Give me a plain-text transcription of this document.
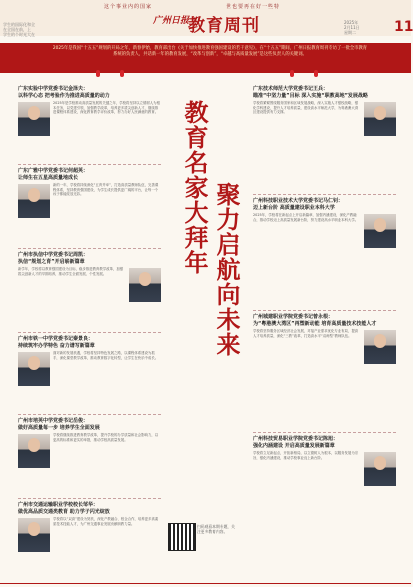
学生的国际化和全
在全国在前，上
学生的个时光大在
这个事业内的国家	世也要再在好一些特
广州日报
教育周刊	2025年
2月11日
星期二	11
2025年是我国“十五五”规划的开局之年，新春伊始，教育部出台《关于加快推进教育强国建设的若干意见》，在“十五五”期间，广州日报教育周刊专访了一批全市教育系统的负责人，共话新一年的教育发展，“改革与创新”，“卓越与高质量发展”是这些负责人的关键词。
广东实验中学党委书记金泽夫：
以科学心态 把考验作为推进高质量的动力

2025年是学校推动高质量发展的关键之年，学校将坚持以立德树人为根本任务，以党建引领，加强教学改革，培养更多拔尖创新人才，继续推进课程体系建设，深化教育教学评价改革，努力办好人民满意的教育。

广东广雅中学党委书记何超英：
让师生在五星高质量地成长

新的一年，学校将持续深化“五育并举”，打造高质量教师队伍，完善课程体系，坚持教育强国建设，为学生成长提供更广阔的平台，让每一个孩子都能绽放光彩。

广州市执信中学党委书记周凯：
执信“规划之育”开启崭新篇章

新学年，学校将以教育强国建设为目标，稳步推进教育教学改革，加强拔尖创新人才的早期培养，推动学生全面发展、个性发展。

广州市铁一中学党委书记秦景良：
持续筑牢办学特色 奋力谱写新篇章

面对新的发展机遇，学校将坚持特色发展之路，以课程体系建设为抓手，深化课堂教学改革，推动教育数字化转型，让学生在快乐中成长。

广州市培英中学党委书记岳俊：
做好高质量每一步 培养学生全面发展

学校将继续推进教育教学改革，提升学校的办学质量和社会影响力，以更高的标准和更实的举措，推动学校高质量发展。

广州市交通运输职业学校校长邹华：
做优高品质交通类教育 助力学子闪光绽放

学校将以“双高”建设为契机，深化产教融合、校企合作，培养更多高素质技术技能人才，为广州交通事业发展贡献职教力量。

教育名家大拜年 聚力启航向未来
扫码观看本期专题，关注更多教育内容。
广东技术师范大学党委书记王兵：
瞄准“中坚力量”目标 深入实施“职教高地”发展战略

学校将紧紧围绕服务国家和区域发展战略，深入实施人才强校战略，强化学科建设，提升人才培养质量，建设高水平师范大学，为粤港澳大湾区建设提供有力支撑。

广州科技职业技术大学党委书记马仁钊：
迈上新台阶 高质量建设职业本科大学

2025年，学校将在新起点上开启新篇章，加强内涵建设，深化产教融合，推动学校迈上高质量发展新台阶，努力建设高水平职业本科大学。

广州城建职业学院党委书记曾永根：
为“粤港澳大湾区”再塑新动能 培育高质量技术技能人才

学校将坚持服务区域经济社会发展，对接产业需求优化专业布局，提高人才培养质量，深化“三教”改革，打造高水平“双师型”教师队伍。

广州科技贸易职业学院党委书记陈旭：
强化内涵建设 开启高质量发展新篇章

学校将立足新起点，开拓新格局，以立德树人为根本，以服务发展为宗旨，强化内涵建设，推动学校事业迈上新台阶。
